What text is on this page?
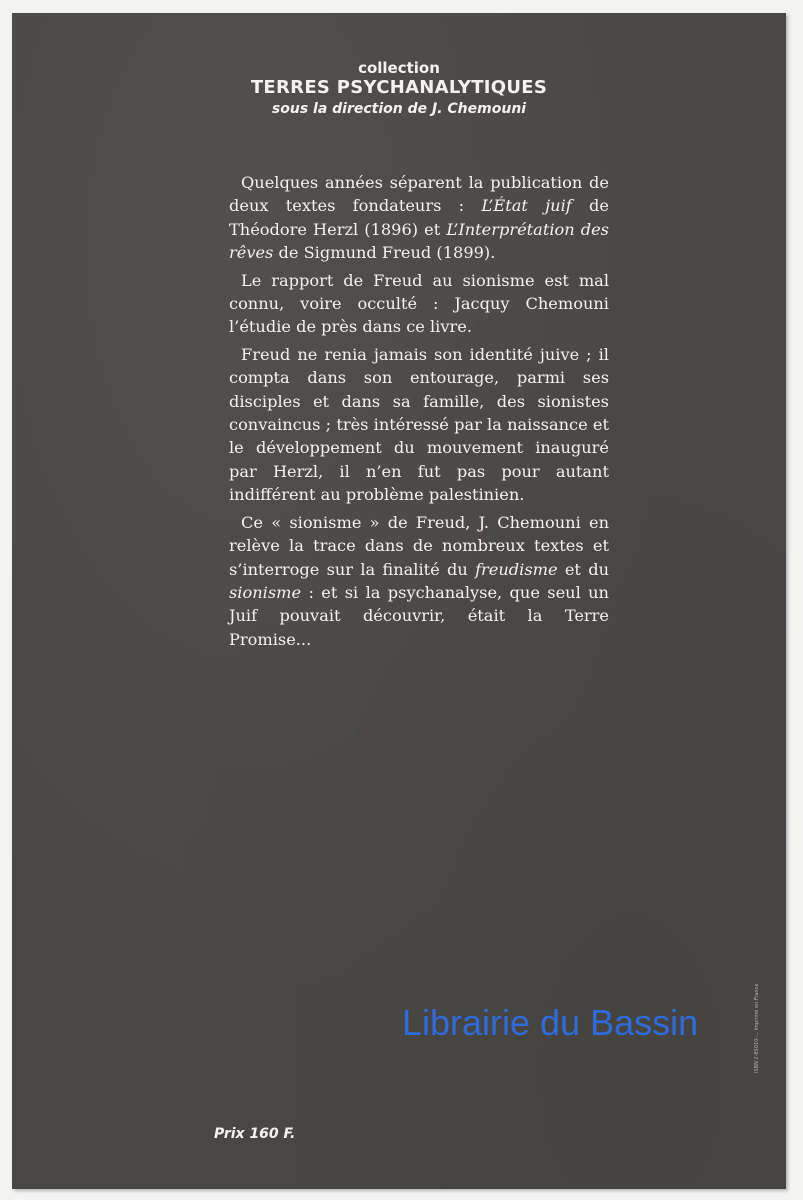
collection
TERRES PSYCHANALYTIQUES
sous la direction de J. Chemouni

Quelques années séparent la publication de deux textes fondateurs : L’État juif de Théodore Herzl (1896) et L’Interprétation des rêves de Sigmund Freud (1899).

Le rapport de Freud au sionisme est mal connu, voire occulté : Jacquy Chemouni l’étudie de près dans ce livre.

Freud ne renia jamais son identité juive ; il compta dans son entourage, parmi ses disciples et dans sa famille, des sionistes convaincus ; très intéressé par la naissance et le développement du mouvement inauguré par Herzl, il n’en fut pas pour autant indifférent au problème palestinien.

Ce « sionisme » de Freud, J. Chemouni en relève la trace dans de nombreux textes et s’interroge sur la finalité du freudisme et du sionisme : et si la psychanalyse, que seul un Juif pouvait découvrir, était la Terre Promise...

Librairie du Bassin
Prix 160 F.
ISBN 2-85010-... Imprimé en France
